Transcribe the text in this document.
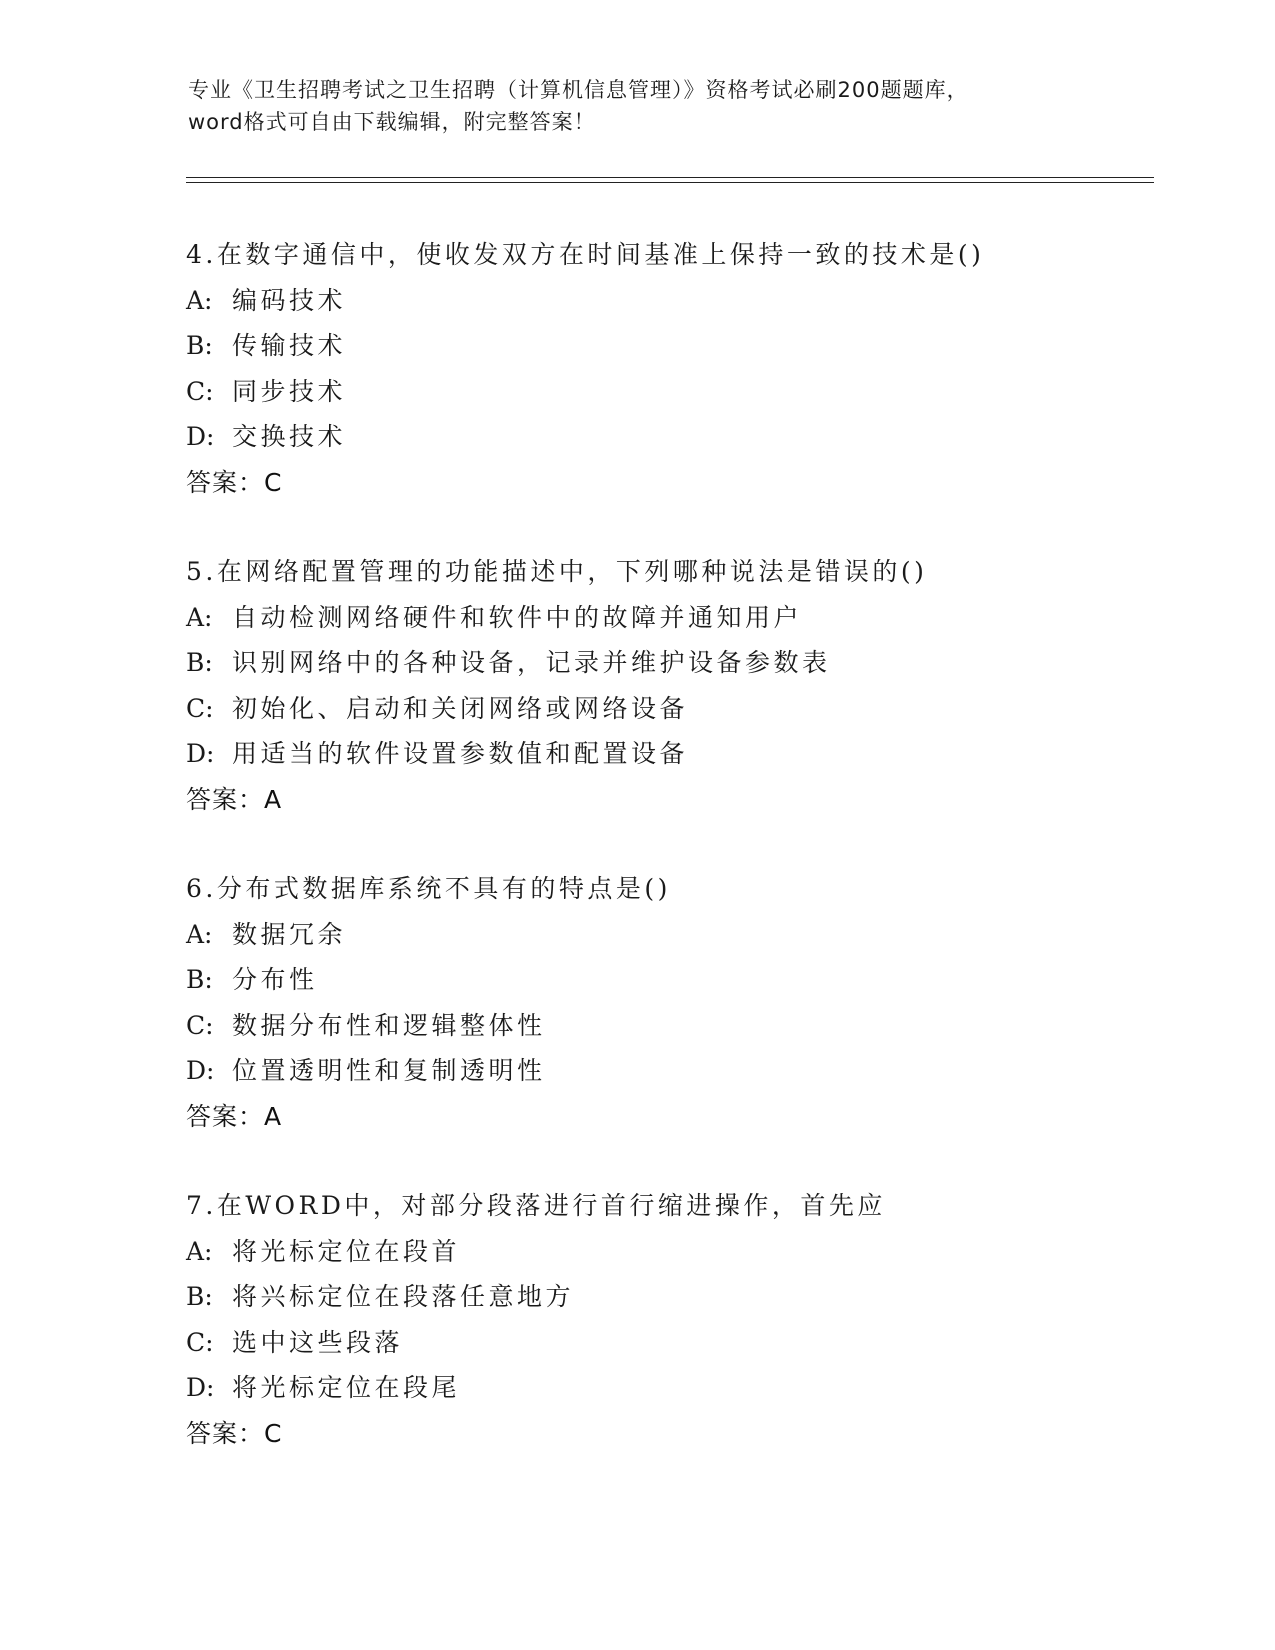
专业《卫生招聘考试之卫生招聘（计算机信息管理）》资格考试必刷200题题库，
word格式可自由下载编辑，附完整答案！
4.在数字通信中，使收发双方在时间基准上保持一致的技术是()
A: 编码技术
B: 传输技术
C: 同步技术
D: 交换技术
答案：C
5.在网络配置管理的功能描述中，下列哪种说法是错误的()
A: 自动检测网络硬件和软件中的故障并通知用户
B: 识别网络中的各种设备，记录并维护设备参数表
C: 初始化、启动和关闭网络或网络设备
D: 用适当的软件设置参数值和配置设备
答案：A
6.分布式数据库系统不具有的特点是()
A: 数据冗余
B: 分布性
C: 数据分布性和逻辑整体性
D: 位置透明性和复制透明性
答案：A
7.在WORD中，对部分段落进行首行缩进操作，首先应
A: 将光标定位在段首
B: 将兴标定位在段落任意地方
C: 选中这些段落
D: 将光标定位在段尾
答案：C
